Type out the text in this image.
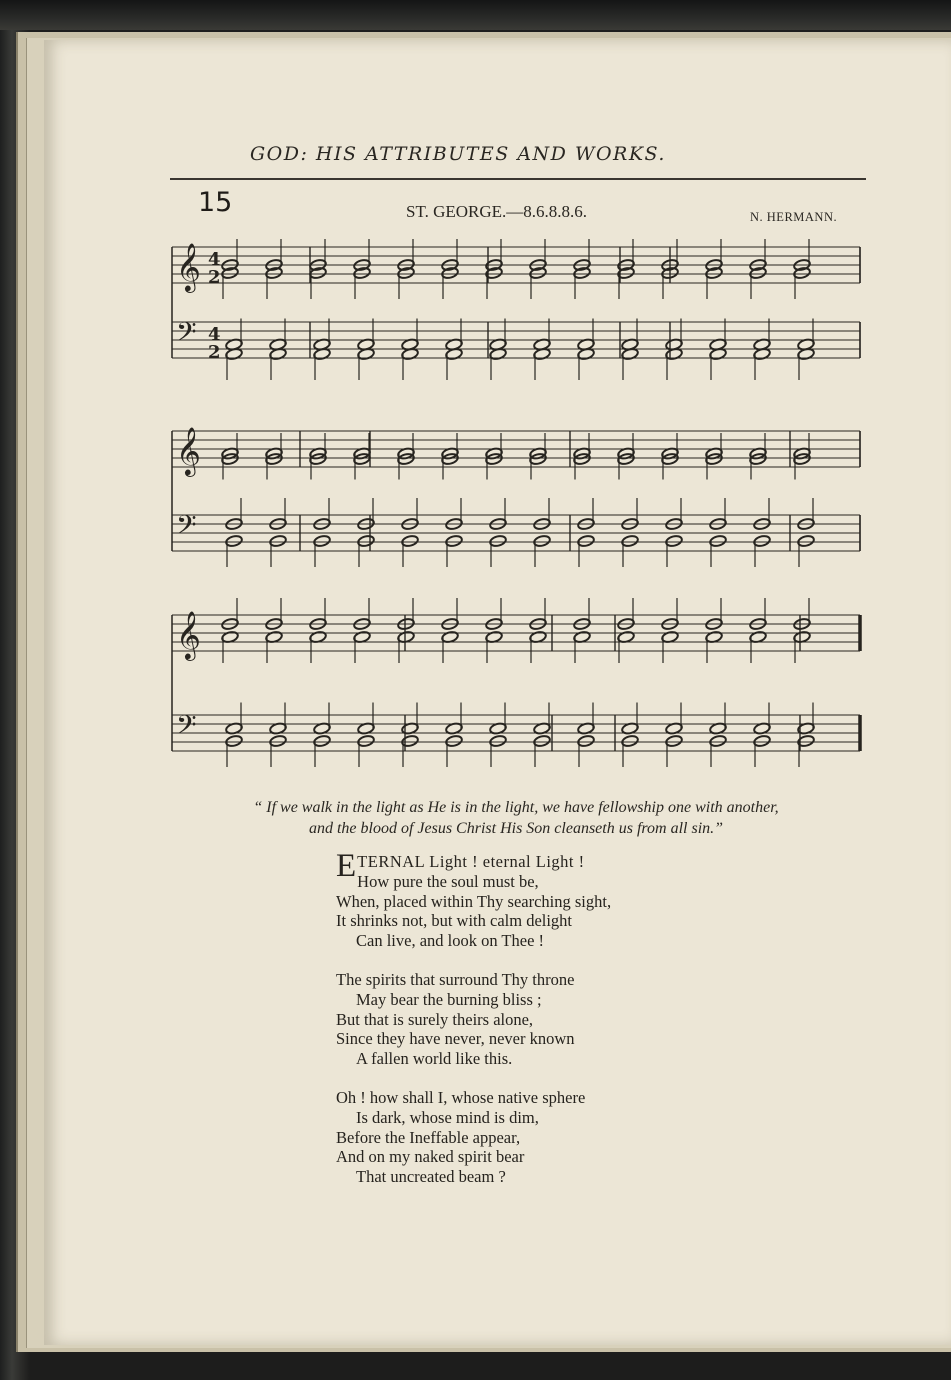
GOD: HIS ATTRIBUTES AND WORKS.
15	ST. GEORGE.—8.6.8.8.6.	N. HERMANN.
𝄞
𝄢
𝄞
𝄢
𝄞
𝄢
4
2
4
2
“ If we walk in the light as He is in the light, we have fellowship one with another,
and the blood of Jesus Christ His Son cleanseth us from all sin.”
ETERNAL Light ! eternal Light !
How pure the soul must be,
When, placed within Thy searching sight,
It shrinks not, but with calm delight
Can live, and look on Thee !
The spirits that surround Thy throne
May bear the burning bliss ;
But that is surely theirs alone,
Since they have never, never known
A fallen world like this.
Oh ! how shall I, whose native sphere
Is dark, whose mind is dim,
Before the Ineffable appear,
And on my naked spirit bear
That uncreated beam ?
